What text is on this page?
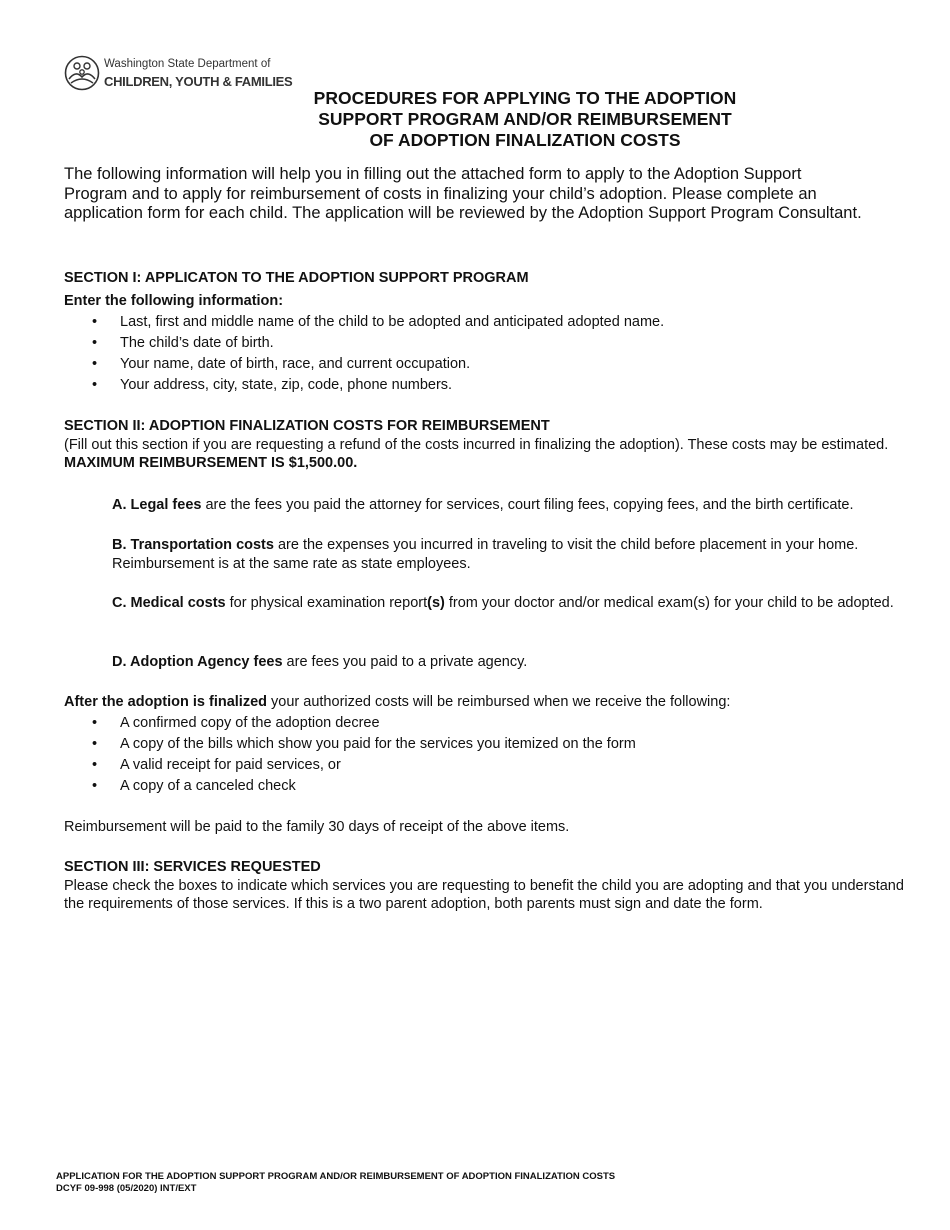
Washington State Department of
CHILDREN, YOUTH & FAMILIES
PROCEDURES FOR APPLYING TO THE ADOPTION
SUPPORT PROGRAM AND/OR REIMBURSEMENT
OF ADOPTION FINALIZATION COSTS
The following information will help you in filling out the attached form to apply to the Adoption Support Program and to apply for reimbursement of costs in finalizing your child’s adoption. Please complete an application form for each child. The application will be reviewed by the Adoption Support Program Consultant.
SECTION I: APPLICATON TO THE ADOPTION SUPPORT PROGRAM
Enter the following information:
• Last, first and middle name of the child to be adopted and anticipated adopted name.
• The child’s date of birth.
• Your name, date of birth, race, and current occupation.
• Your address, city, state, zip, code, phone numbers.
SECTION II: ADOPTION FINALIZATION COSTS FOR REIMBURSEMENT
(Fill out this section if you are requesting a refund of the costs incurred in finalizing the adoption). These costs may be estimated. MAXIMUM REIMBURSEMENT IS $1,500.00.
A. Legal fees are the fees you paid the attorney for services, court filing fees, copying fees, and the birth certificate.
B. Transportation costs are the expenses you incurred in traveling to visit the child before placement in your home. Reimbursement is at the same rate as state employees.
C. Medical costs for physical examination report(s) from your doctor and/or medical exam(s) for your child to be adopted.
D. Adoption Agency fees are fees you paid to a private agency.
After the adoption is finalized your authorized costs will be reimbursed when we receive the following:
• A confirmed copy of the adoption decree
• A copy of the bills which show you paid for the services you itemized on the form
• A valid receipt for paid services, or
• A copy of a canceled check
Reimbursement will be paid to the family 30 days of receipt of the above items.
SECTION III: SERVICES REQUESTED
Please check the boxes to indicate which services you are requesting to benefit the child you are adopting and that you understand the requirements of those services. If this is a two parent adoption, both parents must sign and date the form.
APPLICATION FOR THE ADOPTION SUPPORT PROGRAM AND/OR REIMBURSEMENT OF ADOPTION FINALIZATION COSTS
DCYF 09-998 (05/2020) INT/EXT
